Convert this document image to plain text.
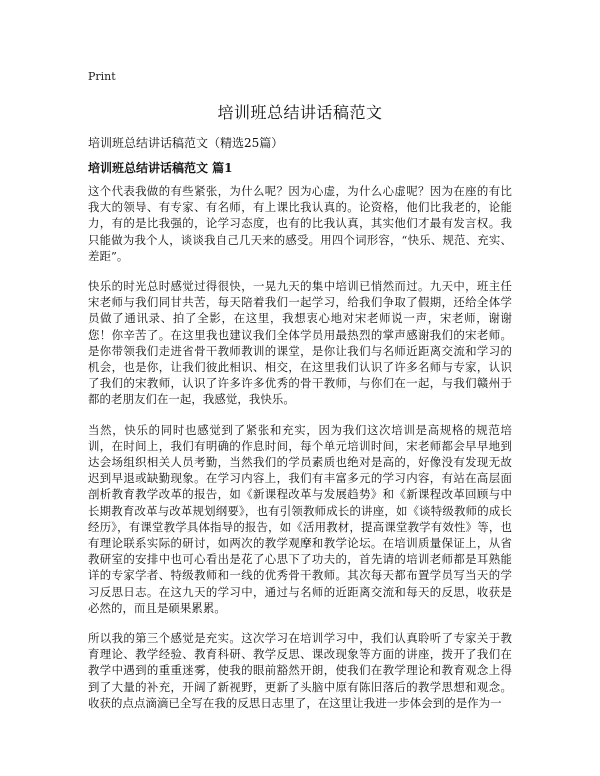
Print
培训班总结讲话稿范文

培训班总结讲话稿范文（精选25篇）

培训班总结讲话稿范文 篇1

这个代表我做的有些紧张，为什么呢？因为心虚，为什么心虚呢？因为在座的有比我大的领导、有专家、有名师，有上课比我认真的。论资格，他们比我老的，论能力，有的是比我强的，论学习态度，也有的比我认真，其实他们才最有发言权。我只能做为我个人，谈谈我自己几天来的感受。用四个词形容，“快乐、规范、充实、差距”。

快乐的时光总时感觉过得很快，一晃九天的集中培训已悄然而过。九天中，班主任宋老师与我们同甘共苦，每天陪着我们一起学习，给我们争取了假期，还给全体学员做了通讯录、拍了全影，在这里，我想衷心地对宋老师说一声，宋老师，谢谢您！你辛苦了。在这里我也建议我们全体学员用最热烈的掌声感谢我们的宋老师。是你带领我们走进省骨干教师教训的课堂，是你让我们与名师近距离交流和学习的机会，也是你，让我们彼此相识、相交，在这里我们认识了许多名师与专家，认识了我们的宋教师，认识了许多许多优秀的骨干教师，与你们在一起，与我们赣州于都的老朋友们在一起，我感觉，我快乐。

当然，快乐的同时也感觉到了紧张和充实，因为我们这次培训是高规格的规范培训，在时间上，我们有明确的作息时间，每个单元培训时间，宋老师都会早早地到达会场组织相关人员考勤，当然我们的学员素质也绝对是高的，好像没有发现无故迟到早退或缺勤现象。在学习内容上，我们有丰富多元的学习内容，有站在高层面剖析教育教学改革的报告，如《新课程改革与发展趋势》和《新课程改革回顾与中长期教育改革与改革规划纲要》，也有引领教师成长的讲座，如《谈特级教师的成长经历》，有课堂教学具体指导的报告，如《活用教材，提高课堂教学有效性》等，也有理论联系实际的研讨，如两次的教学观摩和教学论坛。在培训质量保证上，从省教研室的安排中也可心看出是花了心思下了功夫的，首先请的培训老师都是耳熟能详的专家学者、特级教师和一线的优秀骨干教师。其次每天都布置学员写当天的学习反思日志。在这九天的学习中，通过与名师的近距离交流和每天的反思，收获是必然的，而且是硕果累累。

所以我的第三个感觉是充实。这次学习在培训学习中，我们认真聆听了专家关于教育理论、教学经验、教育科研、教学反思、课改现象等方面的讲座，拨开了我们在教学中遇到的重重迷雾，使我的眼前豁然开朗，使我们在教学理论和教育观念上得到了大量的补充，开阔了新视野，更新了头脑中原有陈旧落后的教学思想和观念。收获的点点滴滴已全写在我的反思日志里了，在这里让我进一步体会到的是作为一
